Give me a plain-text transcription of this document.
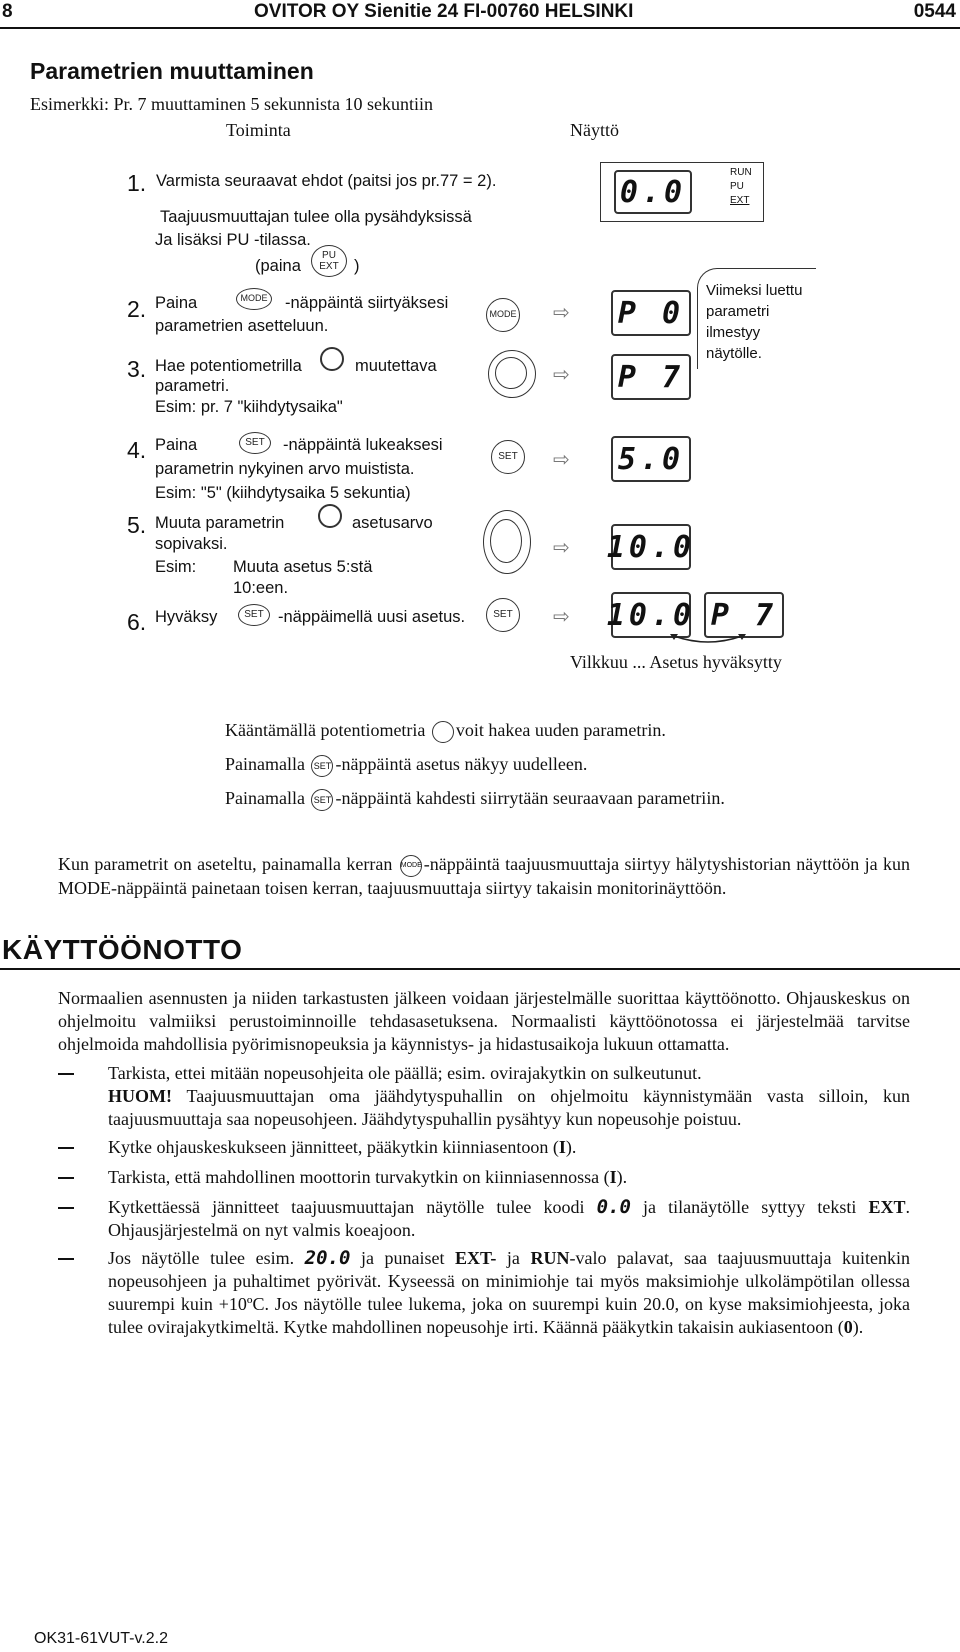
8	OVITOR OY Sienitie 24 FI-00760 HELSINKI	0544
Parametrien muuttaminen
Esimerkki: Pr. 7 muuttaminen 5 sekunnista 10 sekuntiin
Toiminta	Näyttö
1. Varmista seuraavat ehdot (paitsi jos pr.77 = 2).
Taajuusmuuttajan tulee olla pysähdyksissä
Ja lisäksi PU -tilassa.
(paina	)
PU
EXT
0.0
RUN
PU
EXT
2. Paina	MODE -näppäintä siirtyäksesi
parametrien asetteluun.
MODE ⇨ P 0
Viimeksi luettu
parametri
ilmestyy
näytölle.
3. Hae potentiometrilla	muutettava
parametri.
Esim: pr. 7 "kiihdytysaika"
⇨ P 7
4. Paina	SET	-näppäintä lukeaksesi
parametrin nykyinen arvo muistista.
Esim: "5" (kiihdytysaika 5 sekuntia)
SET	⇨ 5.0
5. Muuta parametrin	asetusarvo
sopivaksi.
Esim: Muuta asetus 5:stä
10:een.
⇨ 10.0
6. Hyväksy	SET -näppäimellä uusi asetus.	SET	⇨ 10.0 P 7
Vilkkuu ... Asetus hyväksytty
Kääntämällä potentiometria voit hakea uuden parametrin.
Painamalla SET -näppäintä asetus näkyy uudelleen.
Painamalla SET -näppäintä kahdesti siirrytään seuraavaan parametriin.
Kun parametrit on aseteltu, painamalla kerran MODE -näppäintä taajuusmuuttaja siirtyy hälytyshistorian näyttöön ja kun MODE-näppäintä painetaan toisen kerran, taajuusmuuttaja siirtyy takaisin monitorinäyttöön.
KÄYTTÖÖNOTTO
Normaalien asennusten ja niiden tarkastusten jälkeen voidaan järjestelmälle suorittaa käyttöönotto. Ohjauskeskus on ohjelmoitu valmiiksi perustoiminnoille tehdasasetuksena. Normaalisti käyttöönotossa ei järjestelmää tarvitse ohjelmoida mahdollisia pyörimisnopeuksia ja käynnistys- ja hidastusaikoja lukuun ottamatta.
Tarkista, ettei mitään nopeusohjeita ole päällä; esim. ovirajakytkin on sulkeutunut.
HUOM! Taajuusmuuttajan oma jäähdytyspuhallin on ohjelmoitu käynnistymään vasta silloin, kun taajuusmuuttaja saa nopeusohjeen. Jäähdytyspuhallin pysähtyy kun nopeusohje poistuu.
Kytke ohjauskeskukseen jännitteet, pääkytkin kiinniasentoon (I).
Tarkista, että mahdollinen moottorin turvakytkin on kiinniasennossa (I).
Kytkettäessä jännitteet taajuusmuuttajan näytölle tulee koodi 0.0 ja tilanäytölle syttyy teksti EXT. Ohjausjärjestelmä on nyt valmis koeajoon.
Jos näytölle tulee esim. 20.0 ja punaiset EXT- ja RUN-valo palavat, saa taajuusmuuttaja kuitenkin nopeusohjeen ja puhaltimet pyörivät. Kyseessä on minimiohje tai myös maksimiohje ulkolämpötilan ollessa suurempi kuin +10ºC. Jos näytölle tulee lukema, joka on suurempi kuin 20.0, on kyse maksimiohjeesta, joka tulee ovirajakytkimeltä. Kytke mahdollinen nopeusohje irti. Käännä pääkytkin takaisin aukiasentoon (0).
OK31-61VUT-v.2.2
